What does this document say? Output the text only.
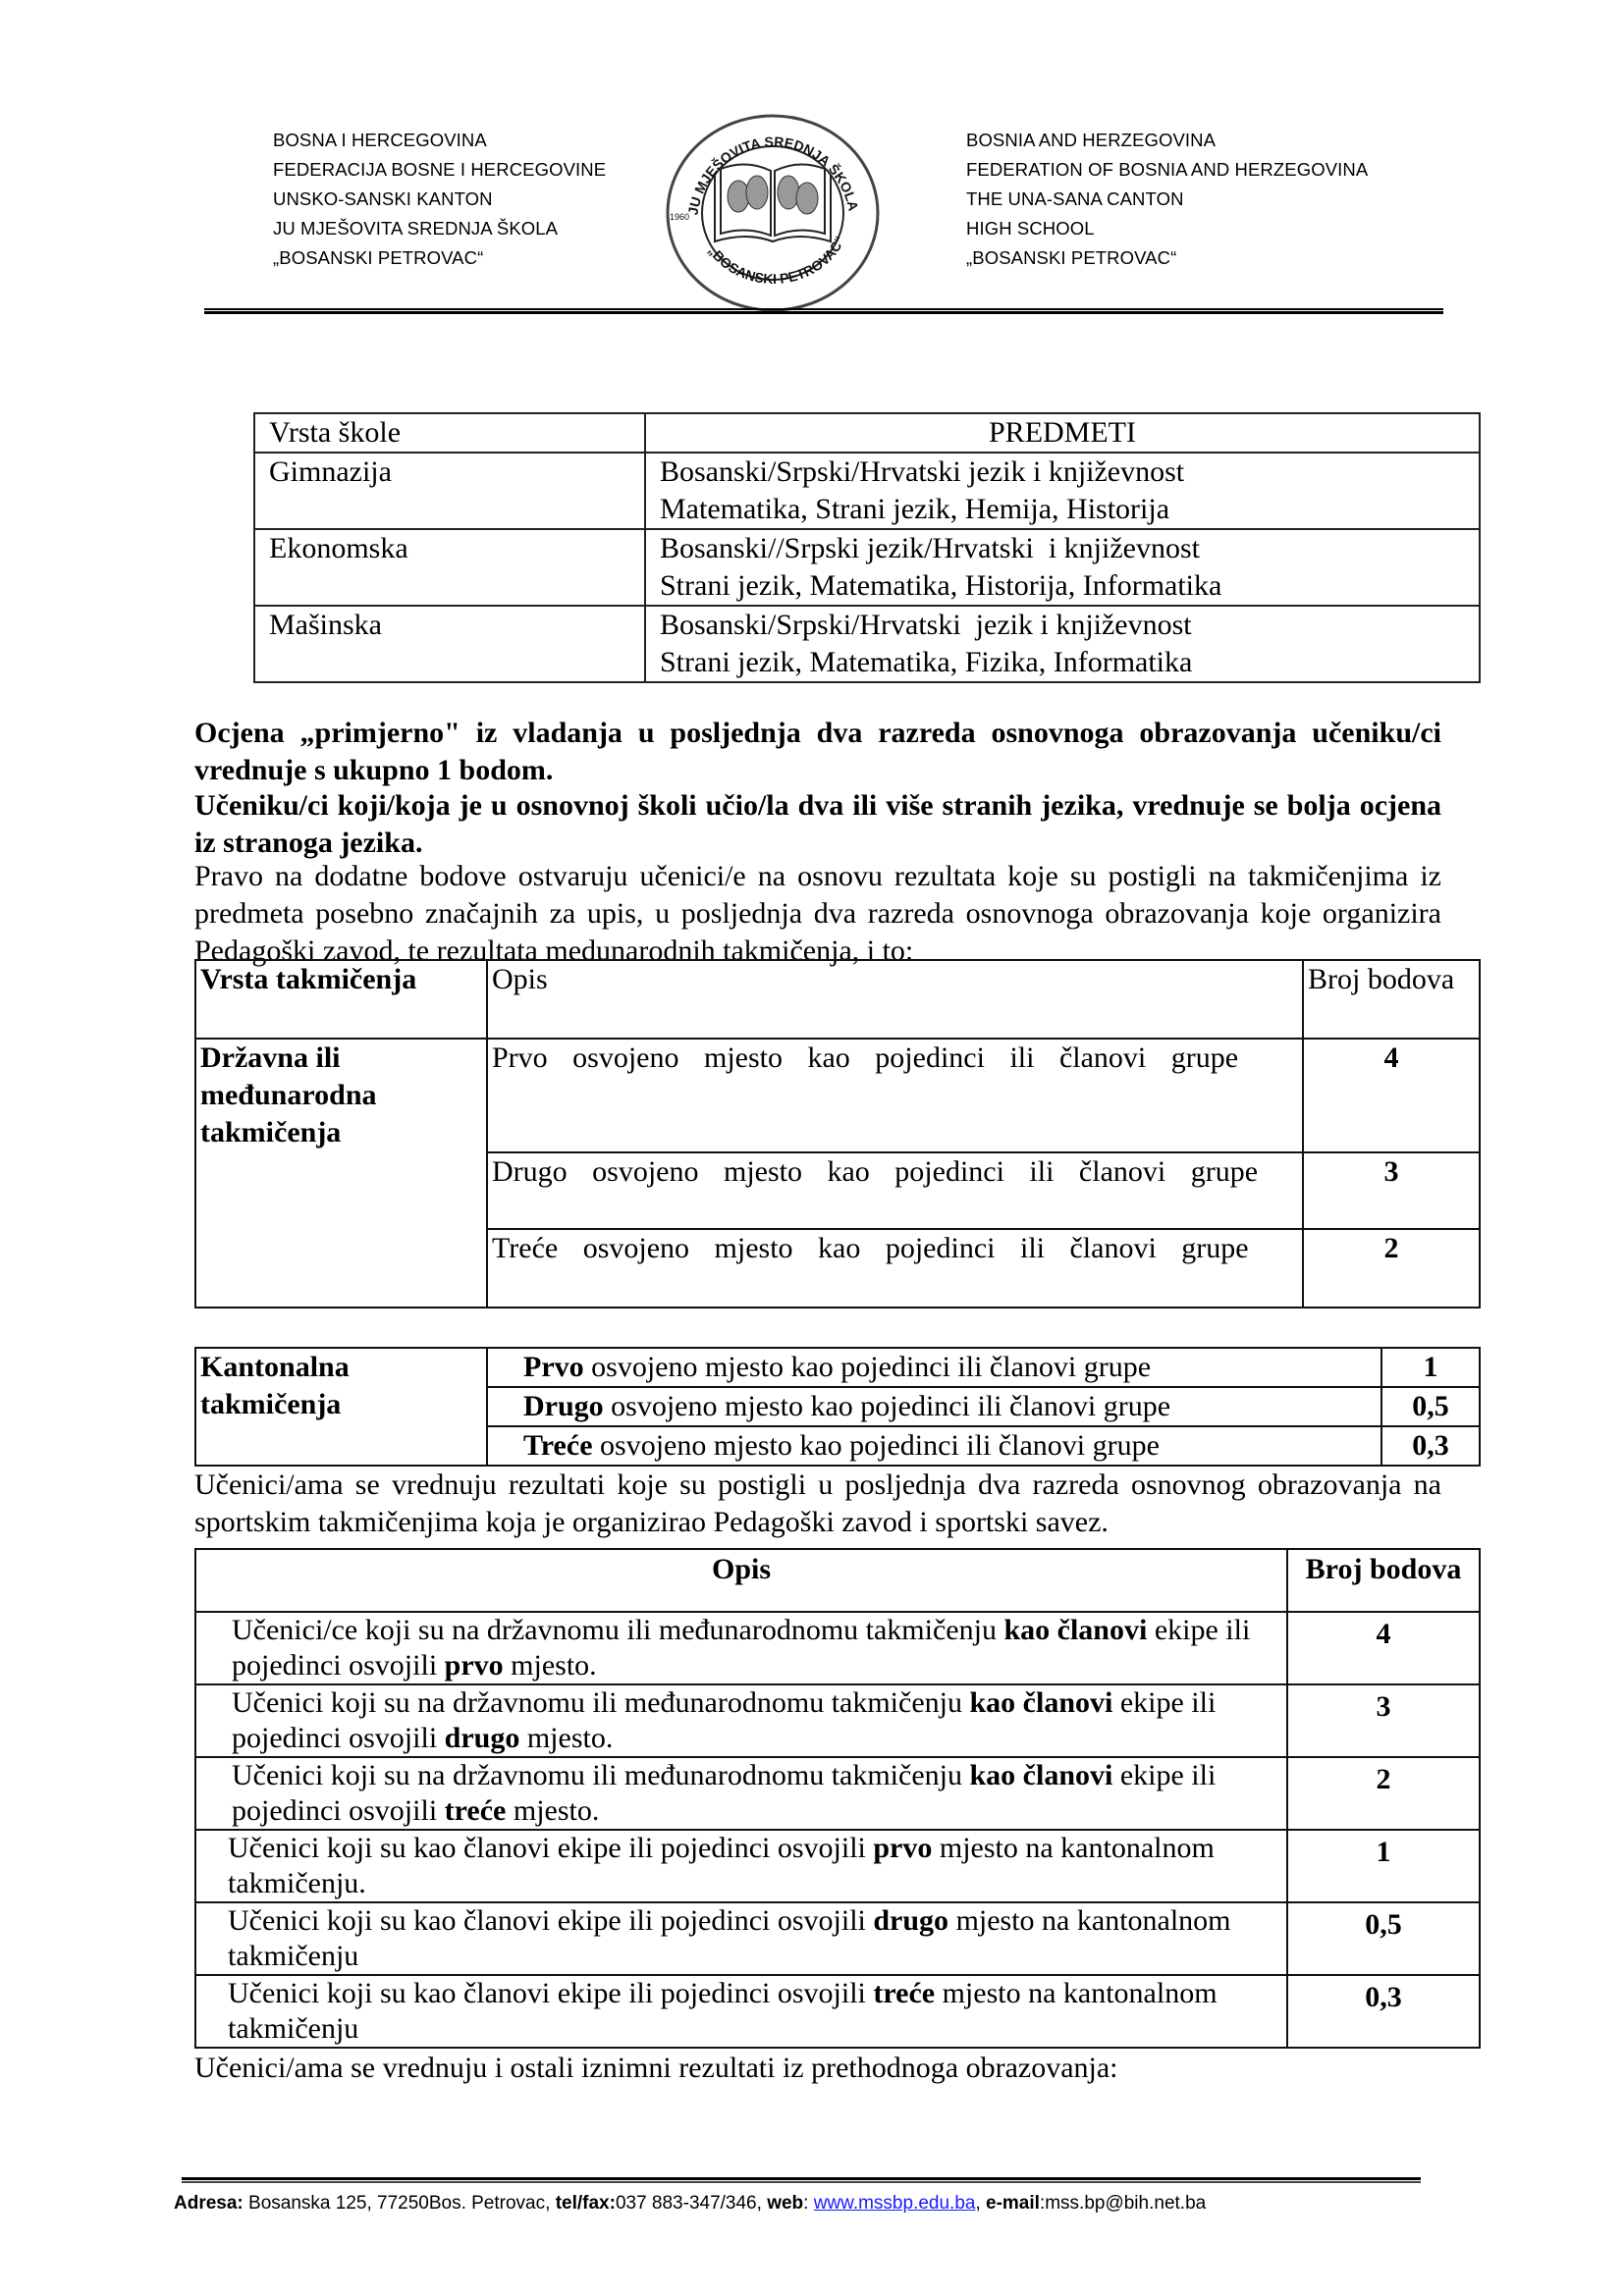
BOSNA I HERCEGOVINA
FEDERACIJA BOSNE I HERCEGOVINE
UNSKO-SANSKI KANTON
JU MJEŠOVITA SREDNJA ŠKOLA
„BOSANSKI PETROVAC“
JU MJEŠOVITA SREDNJA ŠKOLA
„BOSANSKI PETROVAC“
1960
BOSNIA AND HERZEGOVINA
FEDERATION OF BOSNIA AND HERZEGOVINA
THE UNA-SANA CANTON
HIGH SCHOOL
„BOSANSKI PETROVAC“
Vrsta škole	PREDMETI
Gimnazija	Bosanski/Srpski/Hrvatski jezik i književnost
Matematika, Strani jezik, Hemija, Historija

Ekonomska	Bosanski//Srpski jezik/Hrvatski  i književnost
Strani jezik, Matematika, Historija, Informatika

Mašinska	Bosanski/Srpski/Hrvatski  jezik i književnost
Strani jezik, Matematika, Fizika, Informatika

Ocjena „primjerno" iz vladanja u posljednja dva razreda osnovnoga obrazovanja učeniku/ci vrednuje s ukupno 1 bodom.

Učeniku/ci koji/koja je u osnovnoj školi učio/la dva ili više stranih jezika, vrednuje se bolja ocjena iz stranoga jezika.

Pravo na dodatne bodove ostvaruju učenici/e na osnovu rezultata koje su postigli na takmičenjima iz predmeta posebno značajnih za upis, u posljednja dva razreda osnovnoga obrazovanja koje organizira Pedagoški zavod, te rezultata medunarodnih takmičenja, i to:

Vrsta takmičenja	Opis	Broj bodova

Državna ili međunarodna takmičenja	Prvo osvojeno mjesto kao pojedinci ili članovi grupe	4
	Drugo osvojeno mjesto kao pojedinci ili članovi grupe	3
	Treće osvojeno mjesto kao pojedinci ili članovi grupe	2
Kantonalna takmičenja	Prvo osvojeno mjesto kao pojedinci ili članovi grupe	1
	Drugo osvojeno mjesto kao pojedinci ili članovi grupe	0,5
	Treće osvojeno mjesto kao pojedinci ili članovi grupe	0,3

Učenici/ama se vrednuju rezultati koje su postigli u posljednja dva razreda osnovnog obrazovanja na sportskim takmičenjima koja je organizirao Pedagoški zavod i sportski savez.

Opis	Broj bodova
Učenici/ce koji su na državnomu ili međunarodnomu takmičenju kao članovi ekipe ili pojedinci osvojili prvo mjesto.	4
Učenici koji su na državnomu ili međunarodnomu takmičenju kao članovi ekipe ili pojedinci osvojili drugo mjesto.	3
Učenici koji su na državnomu ili međunarodnomu takmičenju kao članovi ekipe ili pojedinci osvojili treće mjesto.	2
Učenici koji su kao članovi ekipe ili pojedinci osvojili prvo mjesto na kantonalnom takmičenju.	1
Učenici koji su kao članovi ekipe ili pojedinci osvojili drugo mjesto na kantonalnom takmičenju	0,5
Učenici koji su kao članovi ekipe ili pojedinci osvojili treće mjesto na kantonalnom takmičenju	0,3

Učenici/ama se vrednuju i ostali iznimni rezultati iz prethodnoga obrazovanja:

Adresa: Bosanska 125, 77250Bos. Petrovac, tel/fax:037 883-347/346, web: www.mssbp.edu.ba, e-mail:mss.bp@bih.net.ba
